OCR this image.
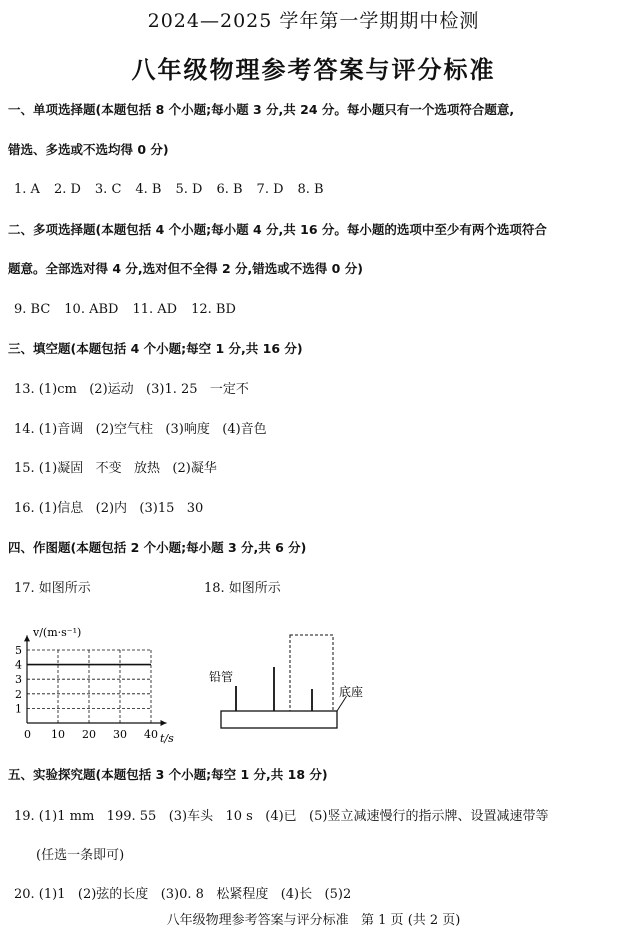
2024—2025 学年第一学期期中检测
八年级物理参考答案与评分标准
一、单项选择题(本题包括 8 个小题;每小题 3 分,共 24 分。每小题只有一个选项符合题意,
错选、多选或不选均得 0 分)
1. A 2. D 3. C 4. B 5. D 6. B 7. D 8. B
二、多项选择题(本题包括 4 个小题;每小题 4 分,共 16 分。每小题的选项中至少有两个选项符合
题意。全部选对得 4 分,选对但不全得 2 分,错选或不选得 0 分)
9. BC 10. ABD 11. AD 12. BD
三、填空题(本题包括 4 个小题;每空 1 分,共 16 分)
13. (1)cm   (2)运动   (3)1. 25   一定不
14. (1)音调   (2)空气柱   (3)响度   (4)音色
15. (1)凝固   不变   放热   (2)凝华
16. (1)信息   (2)内   (3)15   30
四、作图题(本题包括 2 个小题;每小题 3 分,共 6 分)
17. 如图所示	18. 如图所示
v/(m·s⁻¹)
1
2
3
4
5
0 10 20 30 40 t/s
铅管
底座
五、实验探究题(本题包括 3 个小题;每空 1 分,共 18 分)
19. (1)1 mm   199. 55   (3)车头   10 s   (4)已   (5)竖立减速慢行的指示牌、设置减速带等
(任选一条即可)
20. (1)1   (2)弦的长度   (3)0. 8   松紧程度   (4)长   (5)2
八年级物理参考答案与评分标准   第 1 页 (共 2 页)
